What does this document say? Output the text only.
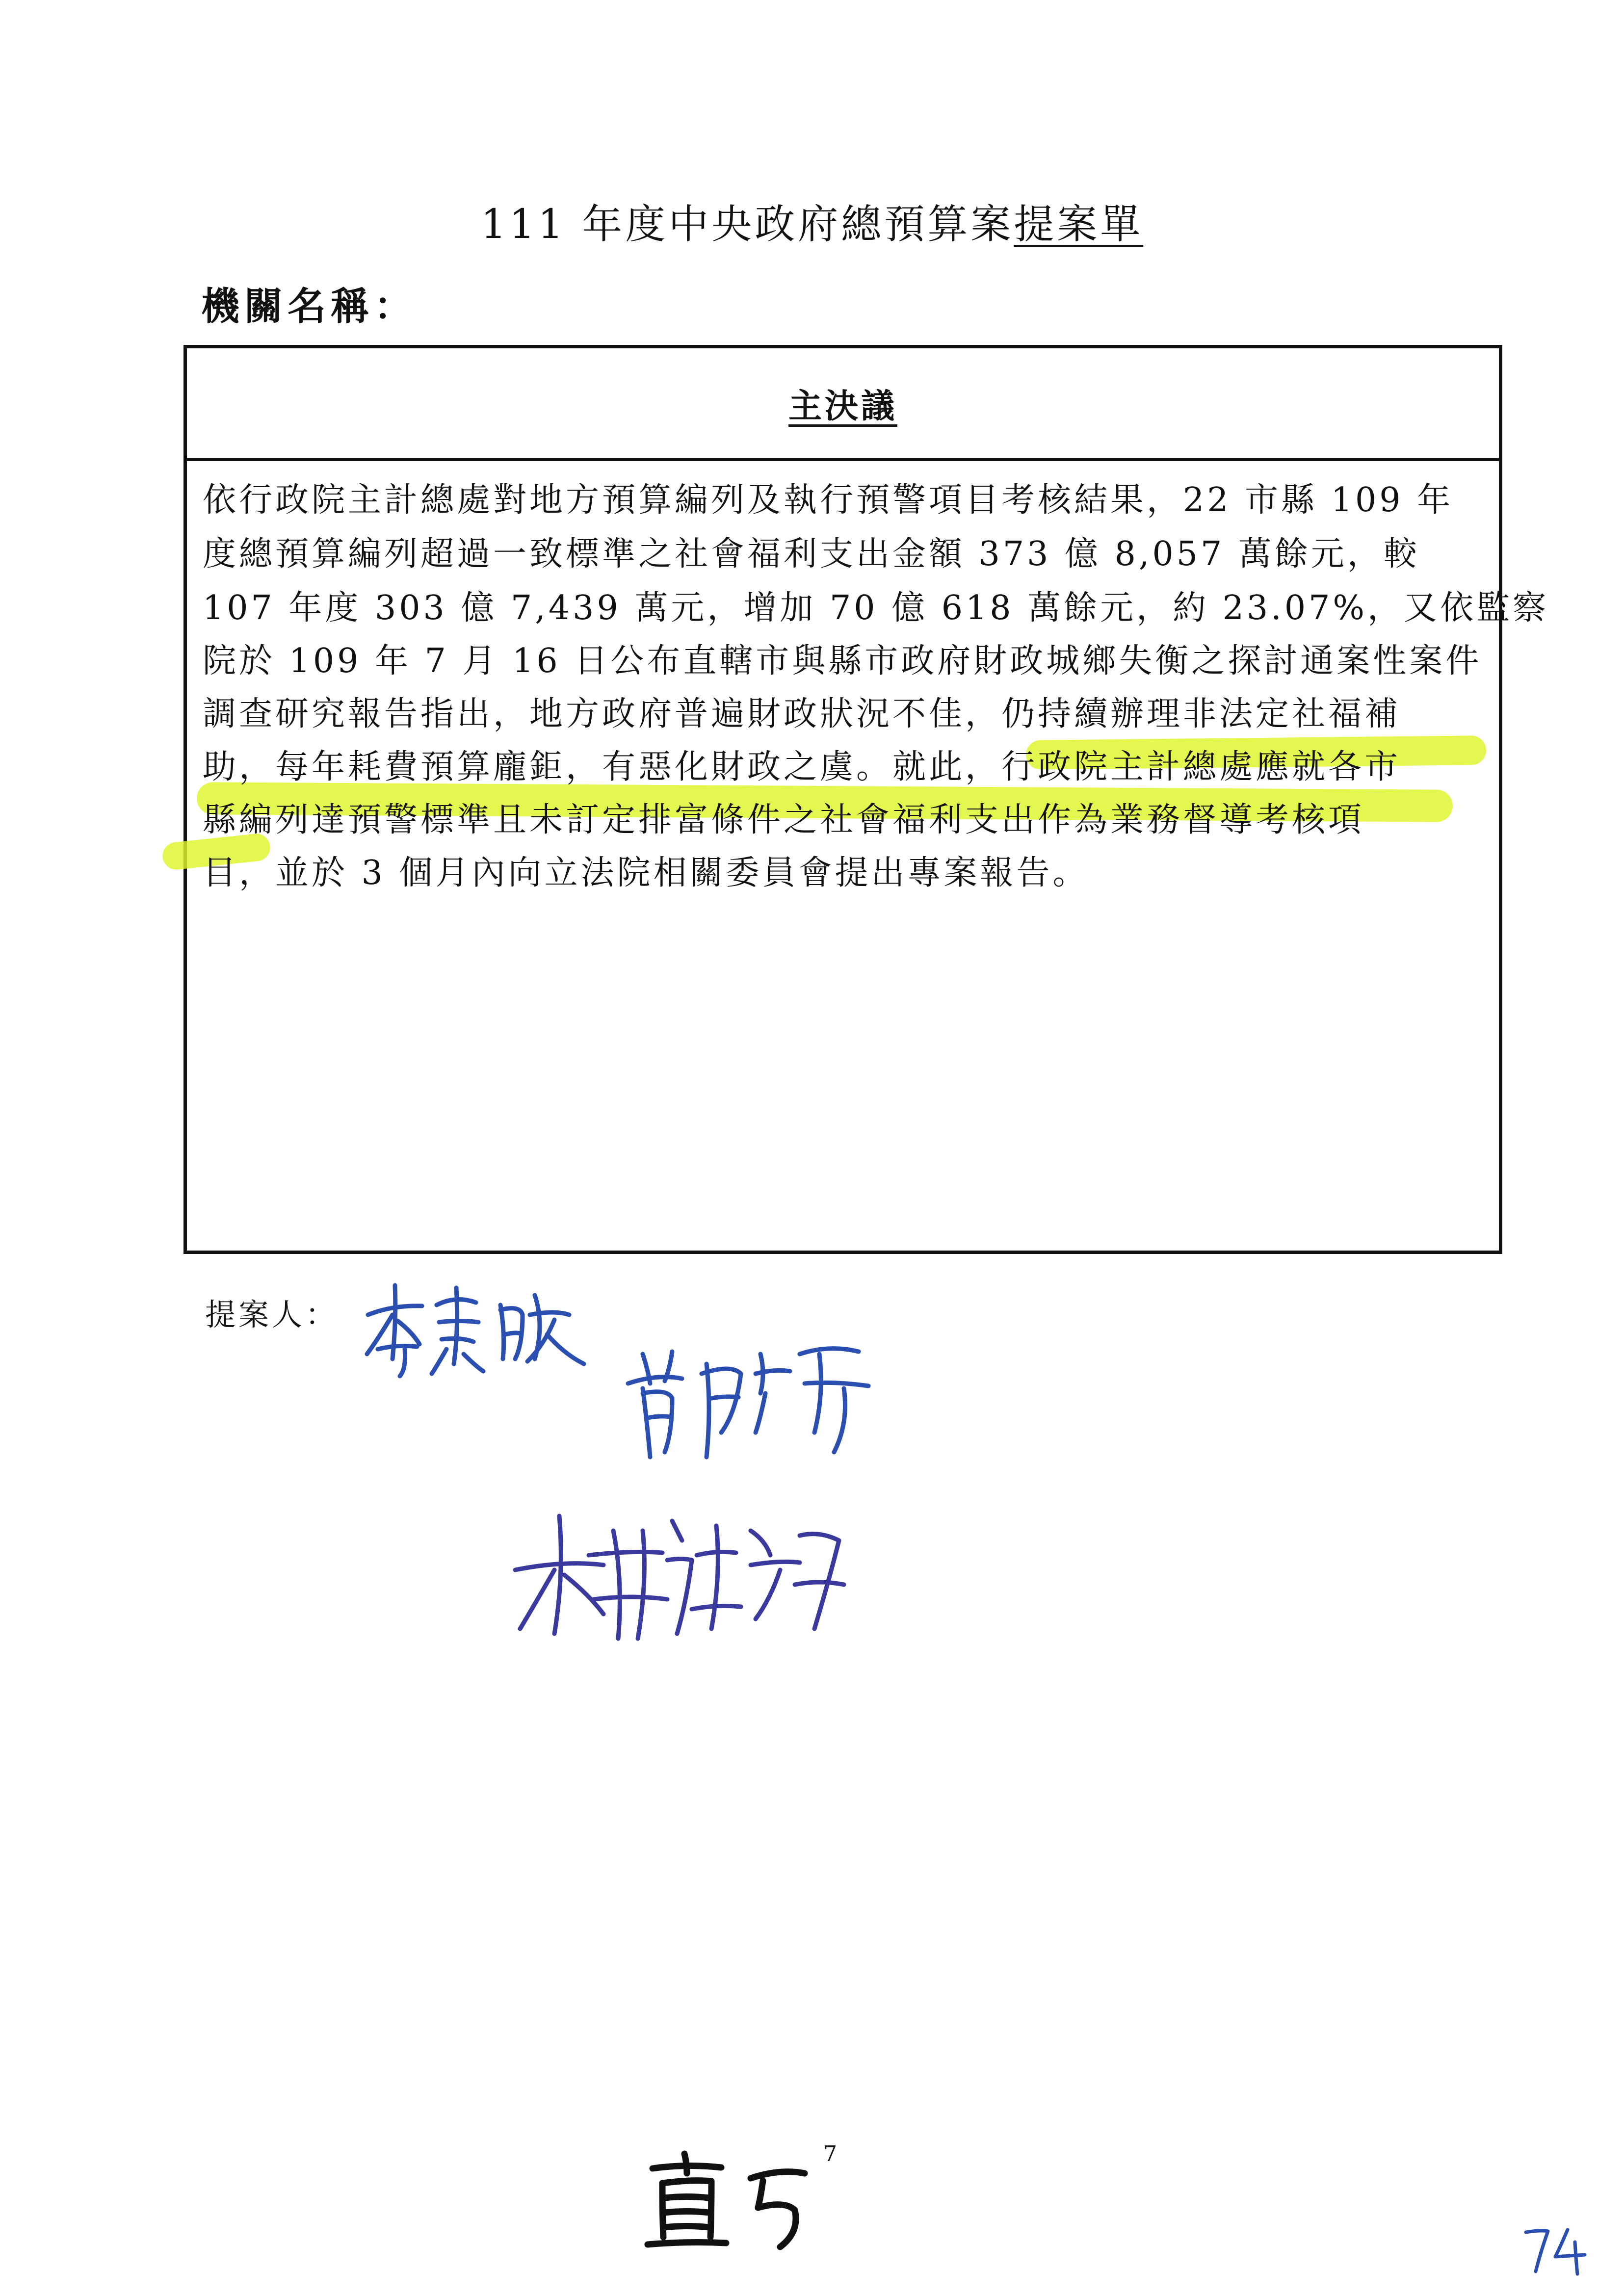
111 年度中央政府總預算案提案單
機關名稱：
主決議
依行政院主計總處對地方預算編列及執行預警項目考核結果，22 市縣 109 年
度總預算編列超過一致標準之社會福利支出金額 373 億 8,057 萬餘元，較
107 年度 303 億 7,439 萬元，增加 70 億 618 萬餘元，約 23.07%，又依監察
院於 109 年 7 月 16 日公布直轄市與縣市政府財政城鄉失衡之探討通案性案件
調查研究報告指出，地方政府普遍財政狀況不佳，仍持續辦理非法定社福補
助，每年耗費預算龐鉅，有惡化財政之虞。就此，行政院主計總處應就各市
縣編列達預警標準且未訂定排富條件之社會福利支出作為業務督導考核項
目，並於 3 個月內向立法院相關委員會提出專案報告。
提案人：
7
